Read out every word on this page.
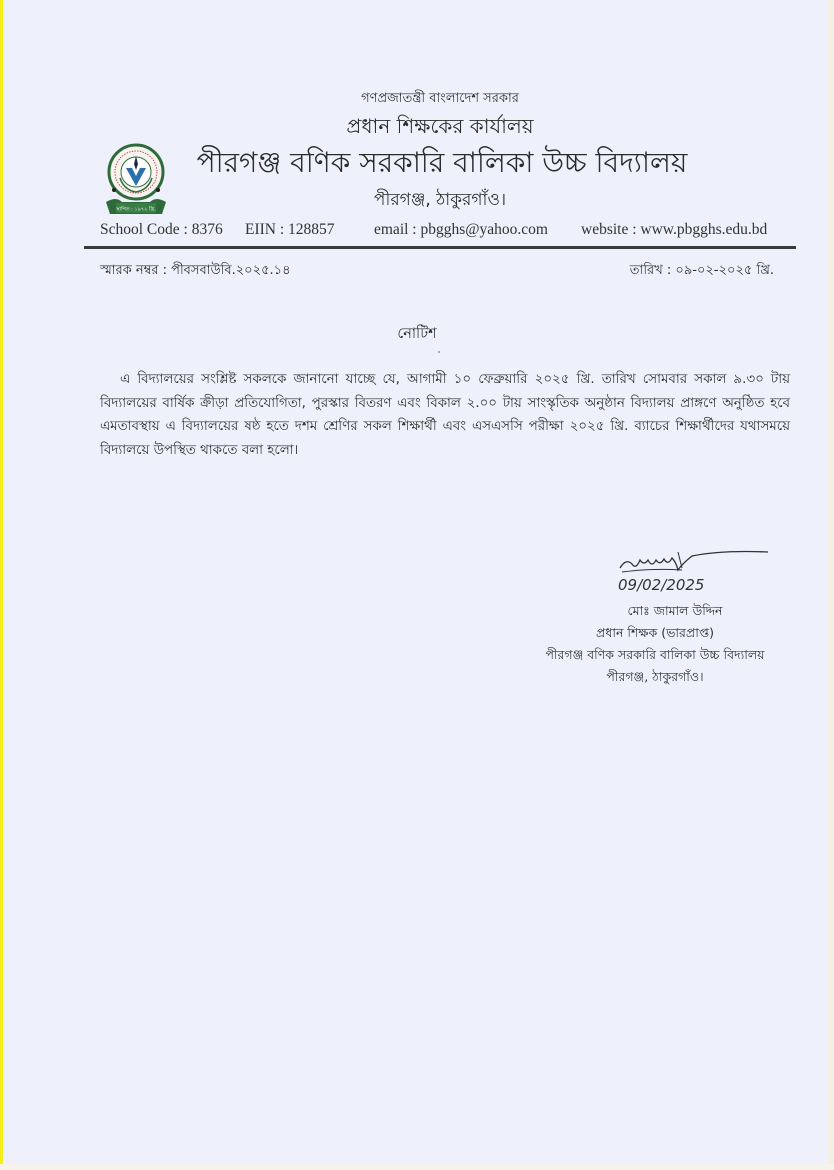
গণপ্রজাতন্ত্রী বাংলাদেশ সরকার
প্রধান শিক্ষকের কার্যালয়
স্থাপিত : ১৯৭২ খ্রি.
পীরগঞ্জ বণিক সরকারি বালিকা উচ্চ বিদ্যালয়
পীরগঞ্জ, ঠাকুরগাঁও।
School Code : 8376 EIIN : 128857	email : pbgghs@yahoo.com website : www.pbgghs.edu.bd
স্মারক নম্বর : পীবসবাউবি.২০২৫.১৪	তারিখ : ০৯-০২-২০২৫ খ্রি.
নোটিশ
এ বিদ্যালয়ের সংশ্লিষ্ট সকলকে জানানো যাচ্ছে যে, আগামী ১০ ফেব্রুয়ারি ২০২৫ খ্রি. তারিখ সোমবার সকাল ৯.৩০ টায় বিদ্যালয়ের বার্ষিক ক্রীড়া প্রতিযোগিতা, পুরস্কার বিতরণ এবং বিকাল ২.০০ টায় সাংস্কৃতিক অনুষ্ঠান বিদ্যালয় প্রাঙ্গণে অনুষ্ঠিত হবে এমতাবস্থায় এ বিদ্যালয়ের ষষ্ঠ হতে দশম শ্রেণির সকল শিক্ষার্থী এবং এসএসসি পরীক্ষা ২০২৫ খ্রি. ব্যাচের শিক্ষার্থীদের যথাসময়ে বিদ্যালয়ে উপস্থিত থাকতে বলা হলো।
09/02/2025
মোঃ জামাল উদ্দিন
প্রধান শিক্ষক (ভারপ্রাপ্ত)
পীরগঞ্জ বণিক সরকারি বালিকা উচ্চ বিদ্যালয়
পীরগঞ্জ, ঠাকুরগাঁও।
